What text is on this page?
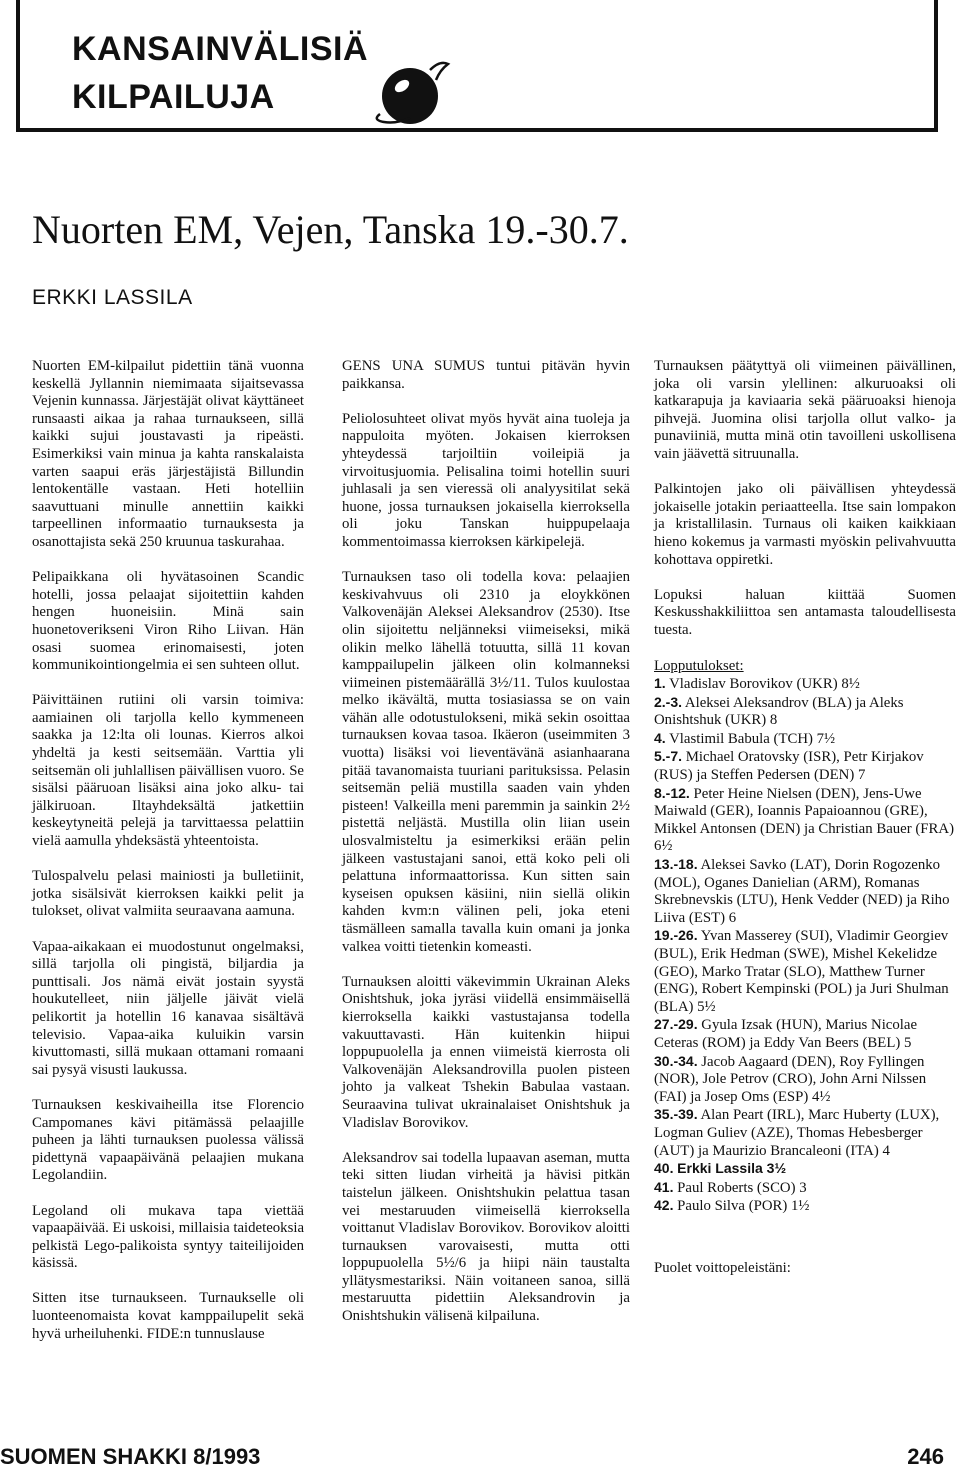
KANSAINVÄLISIÄ
KILPAILUJA
Nuorten EM, Vejen, Tanska 19.-30.7.
ERKKI LASSILA

Nuorten EM-kilpailut pidettiin tänä vuonna keskellä Jyllannin niemimaata sijaitsevassa Vejenin kunnassa. Järjestäjät olivat käyttäneet runsaasti aikaa ja rahaa turnaukseen, sillä kaikki sujui joustavasti ja ripeästi. Esimerkiksi vain minua ja kahta ranskalaista varten saapui eräs järjestäjistä Billundin lentokentälle vastaan. Heti hotelliin saavuttuani minulle annettiin kaikki tarpeellinen informaatio turnauksesta ja osanottajista sekä 250 kruunua taskurahaa.

Pelipaikkana oli hyvätasoinen Scandic hotelli, jossa pelaajat sijoitettiin kahden hengen huoneisiin. Minä sain huonetoverikseni Viron Riho Liivan. Hän osasi suomea erinomaisesti, joten kommunikointiongelmia ei sen suhteen ollut.

Päivittäinen rutiini oli varsin toimiva: aamiainen oli tarjolla kello kymmeneen saakka ja 12:lta oli lounas. Kierros alkoi yhdeltä ja kesti seitsemään. Varttia yli seitsemän oli juhlallisen päivällisen vuoro. Se sisälsi pääruoan lisäksi aina joko alku- tai jälkiruoan. Iltayhdeksältä jatkettiin keskeytyneitä pelejä ja tarvittaessa pelattiin vielä aamulla yhdeksästä yhteentoista.

Tulospalvelu pelasi mainiosti ja bulletiinit, jotka sisälsivät kierroksen kaikki pelit ja tulokset, olivat valmiita seuraavana aamuna.

Vapaa-aikakaan ei muodostunut ongelmaksi, sillä tarjolla oli pingistä, biljardia ja punttisali. Jos nämä eivät jostain syystä houkutelleet, niin jäljelle jäivät vielä pelikortit ja hotellin 16 kanavaa sisältävä televisio. Vapaa-aika kuluikin varsin kivuttomasti, sillä mukaan ottamani romaani sai pysyä visusti laukussa.

Turnauksen keskivaiheilla itse Florencio Campomanes kävi pitämässä pelaajille puheen ja lähti turnauksen puolessa välissä pidettynä vapaapäivänä pelaajien mukana Legolandiin.

Legoland oli mukava tapa viettää vapaapäivää. Ei uskoisi, millaisia taideteoksia pelkistä Lego-palikoista syntyy taiteilijoiden käsissä.

Sitten itse turnaukseen. Turnaukselle oli luonteenomaista kovat kamppailupelit sekä hyvä urheiluhenki. FIDE:n tunnuslause

GENS UNA SUMUS tuntui pitävän hyvin paikkansa.

Peliolosuhteet olivat myös hyvät aina tuoleja ja nappuloita myöten. Jokaisen kierroksen yhteydessä tarjoiltiin voileipiä ja virvoitusjuomia. Pelisalina toimi hotellin suuri juhlasali ja sen vieressä oli analyysitilat sekä huone, jossa turnauksen jokaisella kierroksella oli joku Tanskan huippupelaaja kommentoimassa kierroksen kärkipelejä.

Turnauksen taso oli todella kova: pelaajien keskivahvuus oli 2310 ja eloykkönen Valkovenäjän Aleksei Aleksandrov (2530). Itse olin sijoitettu neljänneksi viimeiseksi, mikä olikin melko lähellä totuutta, sillä 11 kovan kamppailupelin jälkeen olin kolmanneksi viimeinen pistemäärällä 3½/11. Tulos kuulostaa melko ikävältä, mutta tosiasiassa se on vain vähän alle odotustulokseni, mikä sekin osoittaa turnauksen kovaa tasoa. Ikäeron (useimmiten 3 vuotta) lisäksi voi lieventävänä asianhaarana pitää tavanomaista tuuriani parituksissa. Pelasin seitsemän peliä mustilla saaden vain yhden pisteen! Valkeilla meni paremmin ja sainkin 2½ pistettä neljästä. Mustilla olin liian usein ulosvalmisteltu ja esimerkiksi erään pelin jälkeen vastustajani sanoi, että koko peli oli pelattuna informaattorissa. Kun sitten sain kyseisen opuksen käsiini, niin siellä olikin kahden kvm:n välinen peli, joka eteni täsmälleen samalla tavalla kuin omani ja jonka valkea voitti tietenkin komeasti.

Turnauksen aloitti väkevimmin Ukrainan Aleks Onishtshuk, joka jyräsi viidellä ensimmäisellä kierroksella kaikki vastustajansa todella vakuuttavasti. Hän kuitenkin hiipui loppupuolella ja ennen viimeistä kierrosta oli Valkovenäjän Aleksandrovilla puolen pisteen johto ja valkeat Tshekin Babulaa vastaan. Seuraavina tulivat ukrainalaiset Onishtshuk ja Vladislav Borovikov.

Aleksandrov sai todella lupaavan aseman, mutta teki sitten liudan virheitä ja hävisi pitkän taistelun jälkeen. Onishtshukin pelattua tasan vei mestaruuden viimeisellä kierroksella voittanut Vladislav Borovikov. Borovikov aloitti turnauksen varovaisesti, mutta otti loppupuolella 5½/6 ja hiipi näin taustalta yllätysmestariksi. Näin voitaneen sanoa, sillä mestaruutta pidettiin Aleksandrovin ja Onishtshukin välisenä kilpailuna.

Turnauksen päätyttyä oli viimeinen päivällinen, joka oli varsin ylellinen: alkuruoaksi oli katkarapuja ja kaviaaria sekä pääruoaksi hienoja pihvejä. Juomina olisi tarjolla ollut valko- ja punaviiniä, mutta minä otin tavoilleni uskollisena vain jäävettä sitruunalla.

Palkintojen jako oli päivällisen yhteydessä jokaiselle jotakin periaatteella. Itse sain lompakon ja kristallilasin. Turnaus oli kaiken kaikkiaan hieno kokemus ja varmasti myöskin pelivahvuutta kohottava oppiretki.

Lopuksi haluan kiittää Suomen Keskusshakkiliittoa sen antamasta taloudellisesta tuesta.

Lopputulokset:
1. Vladislav Borovikov (UKR) 8½
2.-3. Aleksei Aleksandrov (BLA) ja Aleks Onishtshuk (UKR) 8
4. Vlastimil Babula (TCH) 7½
5.-7. Michael Oratovsky (ISR), Petr Kirjakov (RUS) ja Steffen Pedersen (DEN) 7
8.-12. Peter Heine Nielsen (DEN), Jens-Uwe Maiwald (GER), Ioannis Papaioannou (GRE), Mikkel Antonsen (DEN) ja Christian Bauer (FRA) 6½
13.-18. Aleksei Savko (LAT), Dorin Rogozenko (MOL), Oganes Danielian (ARM), Romanas Skrebnevskis (LTU), Henk Vedder (NED) ja Riho Liiva (EST) 6
19.-26. Yvan Masserey (SUI), Vladimir Georgiev (BUL), Erik Hedman (SWE), Mishel Kekelidze (GEO), Marko Tratar (SLO), Matthew Turner (ENG), Robert Kempinski (POL) ja Juri Shulman (BLA) 5½
27.-29. Gyula Izsak (HUN), Marius Nicolae Ceteras (ROM) ja Eddy Van Beers (BEL) 5
30.-34. Jacob Aagaard (DEN), Roy Fyllingen (NOR), Jole Petrov (CRO), John Arni Nilssen (FAI) ja Josep Oms (ESP) 4½
35.-39. Alan Peart (IRL), Marc Huberty (LUX), Logman Guliev (AZE), Thomas Hebesberger (AUT) ja Maurizio Brancaleoni (ITA) 4
40. Erkki Lassila 3½
41. Paul Roberts (SCO) 3
42. Paulo Silva (POR) 1½

Puolet voittopeleistäni:

SUOMEN SHAKKI 8/1993	246
